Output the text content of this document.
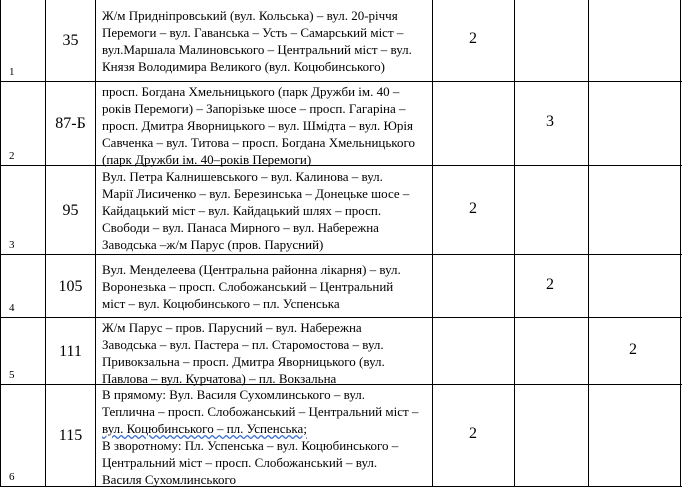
1
35
Ж/м Придніпровський (вул. Кольська) – вул. 20-річчя
Перемоги – вул. Гаванська – Усть – Самарський міст –
вул.Маршала Малиновського – Центральний міст – вул.
Князя Володимира Великого (вул. Коцюбинського)
2
2
87-Б
просп. Богдана Хмельницького (парк Дружби ім. 40 –
років Перемоги) – Запорізьке шосе – просп. Гагаріна –
просп. Дмитра Яворницького – вул. Шмідта – вул. Юрія
Савченка – вул. Титова – просп. Богдана Хмельницького
(парк Дружби ім. 40–років Перемоги)
3
3
95
Вул. Петра Калнишевського – вул. Калинова – вул.
Марії Лисиченко – вул. Березинська – Донецьке шосе –
Кайдацький міст – вул. Кайдацький шлях – просп.
Свободи – вул. Панаса Мирного – вул. Набережна
Заводська –ж/м Парус (пров. Парусний)
2
4
105
Вул. Менделеева (Центральна районна лікарня) – вул.
Воронезька – просп. Слобожанський – Центральний
міст – вул. Коцюбинського – пл. Успенська
2
5
111
Ж/м Парус – пров. Парусний – вул. Набережна
Заводська – вул. Пастера – пл. Старомостова – вул.
Привокзальна – просп. Дмитра Яворницького (вул.
Павлова – вул. Курчатова) – пл. Вокзальна
2
6
115
В прямому: Вул. Василя Сухомлинського – вул.
Теплична – просп. Слобожанський – Центральний міст –
вул. Коцюбинського – пл. Успенська;
В зворотному: Пл. Успенська – вул. Коцюбинського –
Центральний міст – просп. Слобожанський – вул.
Василя Сухомлинського
2
